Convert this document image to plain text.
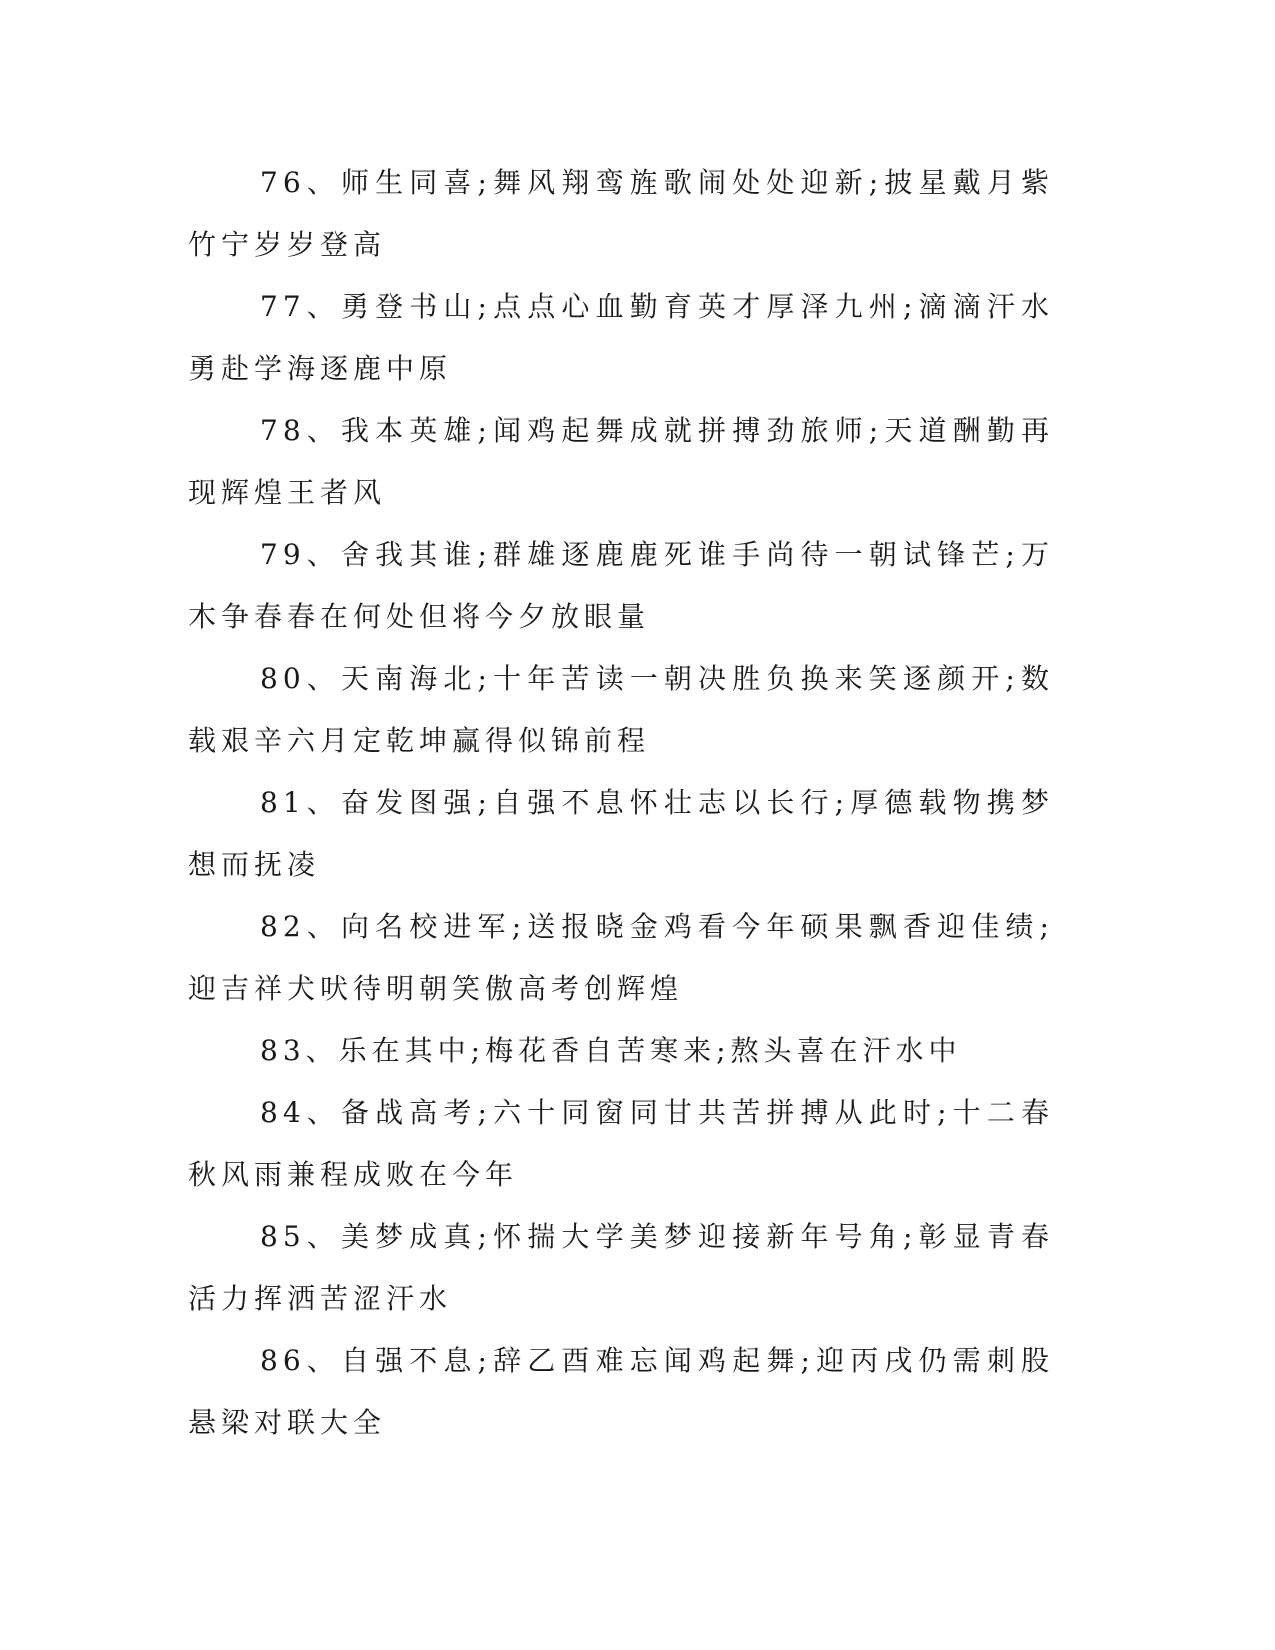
76、师生同喜;舞风翔鸾旌歌闹处处迎新;披星戴月紫竹宁岁岁登高

77、勇登书山;点点心血勤育英才厚泽九州;滴滴汗水勇赴学海逐鹿中原

78、我本英雄;闻鸡起舞成就拼搏劲旅师;天道酬勤再现辉煌王者风

79、舍我其谁;群雄逐鹿鹿死谁手尚待一朝试锋芒;万木争春春在何处但将今夕放眼量

80、天南海北;十年苦读一朝决胜负换来笑逐颜开;数载艰辛六月定乾坤赢得似锦前程

81、奋发图强;自强不息怀壮志以长行;厚德载物携梦想而抚凌

82、向名校进军;送报晓金鸡看今年硕果飘香迎佳绩;迎吉祥犬吠待明朝笑傲高考创辉煌

83、乐在其中;梅花香自苦寒来;熬头喜在汗水中

84、备战高考;六十同窗同甘共苦拼搏从此时;十二春秋风雨兼程成败在今年

85、美梦成真;怀揣大学美梦迎接新年号角;彰显青春活力挥洒苦涩汗水

86、自强不息;辞乙酉难忘闻鸡起舞;迎丙戌仍需刺股悬梁对联大全
